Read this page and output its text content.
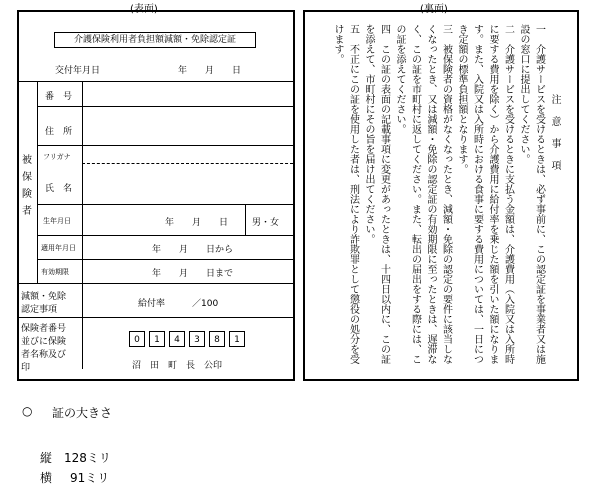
(表面)	(裏面)
介護保険利用者負担額減額・免除認定証
交付年月日	年　　月　　日
被
保
険
者
番　号
住　所
フリガナ
氏　名
生年月日	年　　月　　日	男・女
適用年月日	年　　月　　日から
有効期限	年　　月　　日まで
減額・免除
認定事項
給付率　　　／100
保険者番号
並びに保険
者名称及び
印
0	1	4	3	8	1
沼　田　町　長　公印

注意事項

一　介護サービスを受けるときは、必ず事前に、この認定証を事業者又は施設の窓口に提出してください。

二　介護サービスを受けるときに支払う金額は、介護費用（入院又は入所時に要する費用を除く）から介護費用に給付率を乗じた額を引いた額になります。また、入院又は入所時における食事に要する費用については、一日につき定額の標準負担額となります。

三　被保険者の資格がなくなったとき、減額・免除の認定の要件に該当しなくなったとき、又は減額・免除の認定証の有効期限に至ったときは、遅滞なく、この証を市町村に返してください。また、転出の届出をする際には、この証を添えてください。

四　この証の表面の記載事項に変更があったときは、十四日以内に、この証を添えて、市町村にその旨を届け出てください。

五　不正にこの証を使用した者は、刑法により詐欺罪として懲役の処分を受けます。

○ 証の大きさ
縦 128ミリ
横 91ミリ
